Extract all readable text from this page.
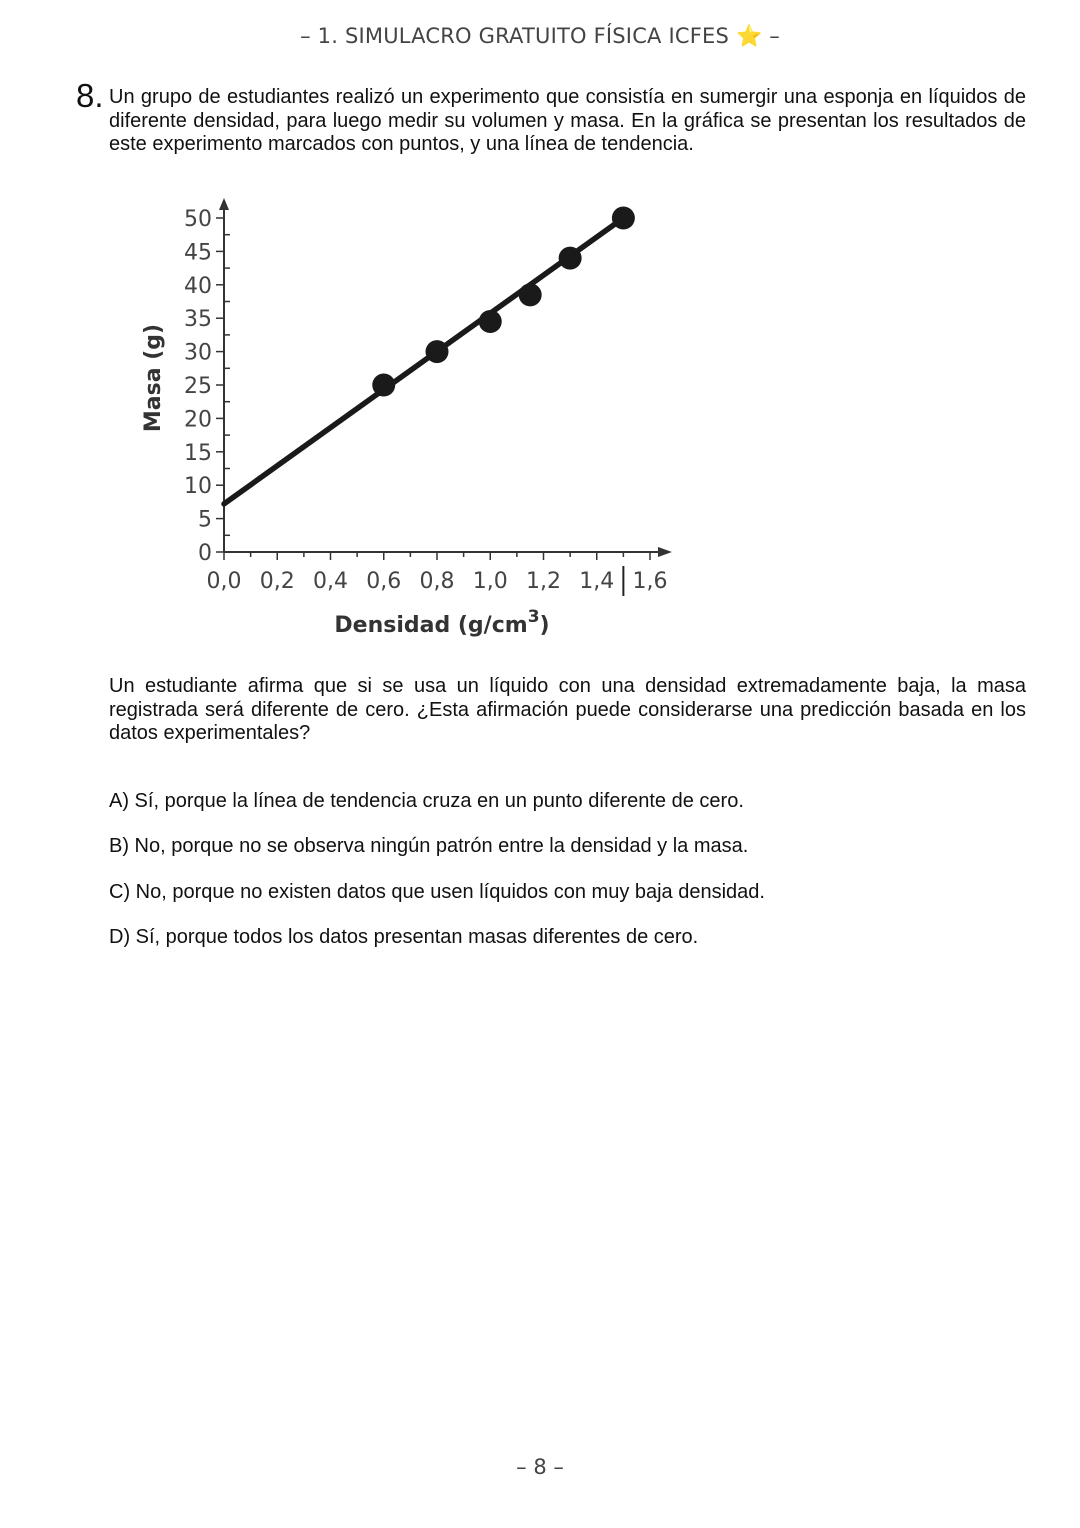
– 1. SIMULACRO GRATUITO FÍSICA ICFES ⭐ –
8. Un grupo de estudiantes realizó un experimento que consistía en sumergir una esponja en líquidos de diferente densidad, para luego medir su volumen y masa. En la gráfica se presentan los resultados de este experimento marcados con puntos, y una línea de tendencia.
0
5
10
15
20
25
30
35
40
45
50
0,0 0,2 0,4 0,6 0,8 1,0 1,2 1,4 1,6
Masa (g)
Densidad $(g/cm^3)$
Un estudiante afirma que si se usa un líquido con una densidad extremadamente baja, la masa registrada será diferente de cero. ¿Esta afirmación puede considerarse una predicción basada en los datos experimentales?
A) Sí, porque la línea de tendencia cruza en un punto diferente de cero.
B) No, porque no se observa ningún patrón entre la densidad y la masa.
C) No, porque no existen datos que usen líquidos con muy baja densidad.
D) Sí, porque todos los datos presentan masas diferentes de cero.
– 8 –
